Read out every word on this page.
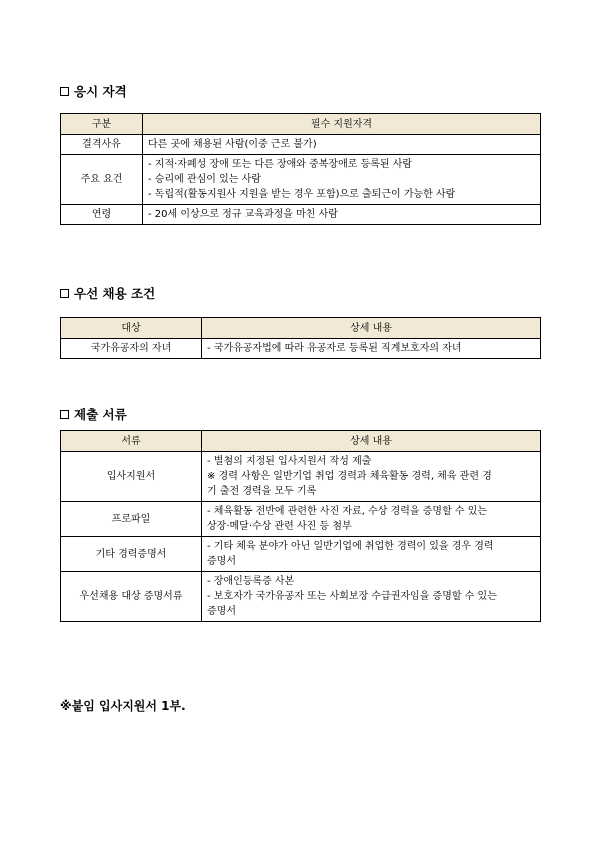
응시 자격
구분	필수 지원자격
결격사유	다른 곳에 채용된 사람(이중 근로 불가)

주요 요건	- 지적·자폐성 장애 또는 다른 장애와 중복장애로 등록된 사람
- 승리에 관심이 있는 사람
- 독립적(활동지원사 지원을 받는 경우 포함)으로 출퇴근이 가능한 사람

연령	- 20세 이상으로 정규 교육과정을 마친 사람
우선 채용 조건
대상	상세 내용
국가유공자의 자녀	- 국가유공자법에 따라 유공자로 등록된 직계보호자의 자녀
제출 서류
서류	상세 내용
입사지원서	- 별첨의 지정된 입사지원서 작성 제출
※ 경력 사항은 일반기업 취업 경력과 체육활동 경력, 체육 관련 경
기 출전 경력을 모두 기록

프로파일	- 체육활동 전반에 관련한 사진 자료, 수상 경력을 증명할 수 있는
상장·메달·수상 관련 사진 등 첨부

기타 경력증명서	- 기타 체육 분야가 아닌 일반기업에 취업한 경력이 있을 경우 경력
증명서

우선채용 대상 증명서류	- 장애인등록증 사본
- 보호자가 국가유공자 또는 사회보장 수급권자임을 증명할 수 있는
증명서
※붙임 입사지원서 1부.
